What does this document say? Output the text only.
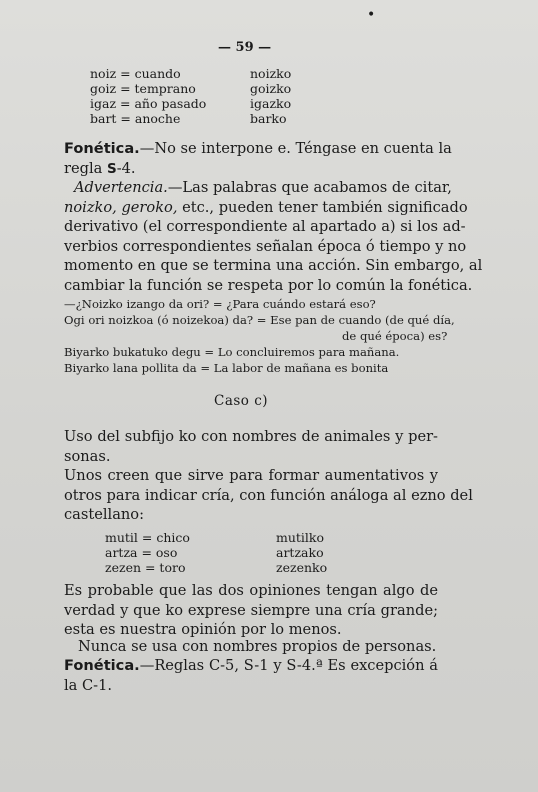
•
— 59 —
noiz = cuando	noizko
goiz = temprano	goizko
igaz = año pasado	igazko
bart = anoche	barko
Fonética.—No se interpone e. Téngase en cuenta la
regla S-4.
Advertencia.—Las palabras que acabamos de citar,
noizko, geroko, etc., pueden tener también significado
derivativo (el correspondiente al apartado a) si los ad-
verbios correspondientes señalan época ó tiempo y no
momento en que se termina una acción. Sin embargo, al
cambiar la función se respeta por lo común la fonética.
—¿Noizko izango da ori? = ¿Para cuándo estará eso?
Ogi ori noizkoa (ó noizekoa) da? = Ese pan de cuando (de qué día,
de qué época) es?
Biyarko bukatuko degu = Lo concluiremos para mañana.
Biyarko lana pollita da = La labor de mañana es bonita
Caso c)
Uso del subfijo ko con nombres de animales y per-
sonas.
Unos creen que sirve para formar aumentativos y
otros para indicar cría, con función análoga al ezno del
castellano:
mutil = chico	mutilko
artza = oso	artzako
zezen = toro	zezenko
Es probable que las dos opiniones tengan algo de
verdad y que ko exprese siempre una cría grande;
esta es nuestra opinión por lo menos.
Nunca se usa con nombres propios de personas.
Fonética.—Reglas C-5, S-1 y S-4.ª Es excepción á
la C-1.
